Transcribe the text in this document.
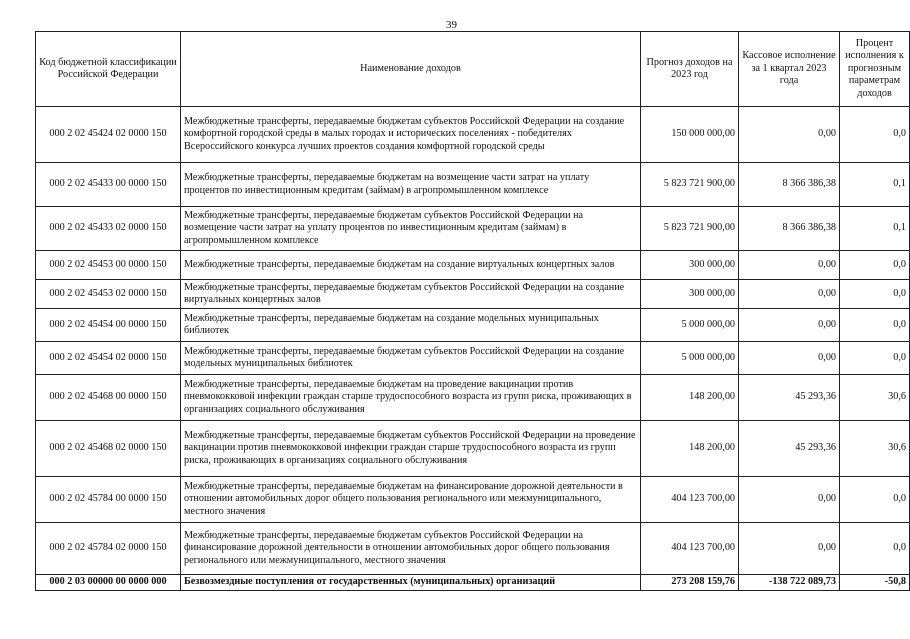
39
Код бюджетной классификации Российской Федерации	Наименование доходов	Прогноз доходов на 2023 год	Кассовое исполнение за 1 квартал 2023 года	Процент исполнения к прогнозным параметрам доходов
000 2 02 45424 02 0000 150	Межбюджетные трансферты, передаваемые бюджетам субъектов Российской Федерации на создание комфортной городской среды в малых городах и исторических поселениях - победителях Всероссийского конкурса лучших проектов создания комфортной городской среды	150 000 000,00	0,00	0,0
000 2 02 45433 00 0000 150	Межбюджетные трансферты, передаваемые бюджетам на возмещение части затрат на уплату процентов по инвестиционным кредитам (займам) в агропромышленном комплексе	5 823 721 900,00	8 366 386,38	0,1
000 2 02 45433 02 0000 150	Межбюджетные трансферты, передаваемые бюджетам субъектов Российской Федерации на возмещение части затрат на уплату процентов по инвестиционным кредитам (займам) в агропромышленном комплексе	5 823 721 900,00	8 366 386,38	0,1
000 2 02 45453 00 0000 150	Межбюджетные трансферты, передаваемые бюджетам на создание виртуальных концертных залов	300 000,00	0,00	0,0
000 2 02 45453 02 0000 150	Межбюджетные трансферты, передаваемые бюджетам субъектов Российской Федерации на создание виртуальных концертных залов	300 000,00	0,00	0,0
000 2 02 45454 00 0000 150	Межбюджетные трансферты, передаваемые бюджетам на создание модельных муниципальных библиотек	5 000 000,00	0,00	0,0
000 2 02 45454 02 0000 150	Межбюджетные трансферты, передаваемые бюджетам субъектов Российской Федерации на создание модельных муниципальных библиотек	5 000 000,00	0,00	0,0
000 2 02 45468 00 0000 150	Межбюджетные трансферты, передаваемые бюджетам на проведение вакцинации против пневмококковой инфекции граждан старше трудоспособного возраста из групп риска, проживающих в организациях социального обслуживания	148 200,00	45 293,36	30,6
000 2 02 45468 02 0000 150	Межбюджетные трансферты, передаваемые бюджетам субъектов Российской Федерации на проведение вакцинации против пневмококковой инфекции граждан старше трудоспособного возраста из групп риска, проживающих в организациях социального обслуживания	148 200,00	45 293,36	30,6
000 2 02 45784 00 0000 150	Межбюджетные трансферты, передаваемые бюджетам на финансирование дорожной деятельности в отношении автомобильных дорог общего пользования регионального или межмуниципального, местного значения	404 123 700,00	0,00	0,0
000 2 02 45784 02 0000 150	Межбюджетные трансферты, передаваемые бюджетам субъектов Российской Федерации на финансирование дорожной деятельности в отношении автомобильных дорог общего пользования регионального или межмуниципального, местного значения	404 123 700,00	0,00	0,0
000 2 03 00000 00 0000 000	Безвозмездные поступления от государственных (муниципальных) организаций	273 208 159,76	-138 722 089,73	-50,8
